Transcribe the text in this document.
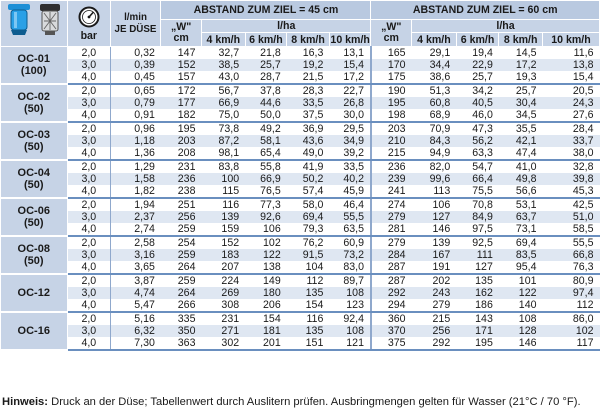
bar	l/min
JE DÜSE	ABSTAND ZUM ZIEL = 45 cm					ABSTAND ZUM ZIEL = 60 cm				
			„W"
cm	l/ha				„W"
cm	l/ha			
				4 km/h	6 km/h	8 km/h	10 km/h		4 km/h	6 km/h	8 km/h	10 km/h
OC-01
(100)	2,0	0,32	147	32,7	21,8	16,3	13,1	165	29,1	19,4	14,5	11,6
	3,0	0,39	152	38,5	25,7	19,2	15,4	170	34,4	22,9	17,2	13,8
	4,0	0,45	157	43,0	28,7	21,5	17,2	175	38,6	25,7	19,3	15,4
OC-02
(50)	2,0	0,65	172	56,7	37,8	28,3	22,7	190	51,3	34,2	25,7	20,5
	3,0	0,79	177	66,9	44,6	33,5	26,8	195	60,8	40,5	30,4	24,3
	4,0	0,91	182	75,0	50,0	37,5	30,0	198	68,9	46,0	34,5	27,6
OC-03
(50)	2,0	0,96	195	73,8	49,2	36,9	29,5	203	70,9	47,3	35,5	28,4
	3,0	1,18	203	87,2	58,1	43,6	34,9	210	84,3	56,2	42,1	33,7
	4,0	1,36	208	98,1	65,4	49,0	39,2	215	94,9	63,3	47,4	38,0
OC-04
(50)	2,0	1,29	231	83,8	55,8	41,9	33,5	236	82,0	54,7	41,0	32,8
	3,0	1,58	236	100	66,9	50,2	40,2	239	99,6	66,4	49,8	39,8
	4,0	1,82	238	115	76,5	57,4	45,9	241	113	75,5	56,6	45,3
OC-06
(50)	2,0	1,94	251	116	77,3	58,0	46,4	274	106	70,8	53,1	42,5
	3,0	2,37	256	139	92,6	69,4	55,5	279	127	84,9	63,7	51,0
	4,0	2,74	259	159	106	79,3	63,5	281	146	97,5	73,1	58,5
OC-08
(50)	2,0	2,58	254	152	102	76,2	60,9	279	139	92,5	69,4	55,5
	3,0	3,16	259	183	122	91,5	73,2	284	167	111	83,5	66,8
	4,0	3,65	264	207	138	104	83,0	287	191	127	95,4	76,3
OC-12	2,0	3,87	259	224	149	112	89,7	287	202	135	101	80,9
	3,0	4,74	264	269	180	135	108	292	243	162	122	97,4
	4,0	5,47	266	308	206	154	123	294	279	186	140	112
OC-16	2,0	5,16	335	231	154	116	92,4	360	215	143	108	86,0
	3,0	6,32	350	271	181	135	108	370	256	171	128	102
	4,0	7,30	363	302	201	151	121	375	292	195	146	117
Hinweis: Druck an der Düse; Tabellenwert durch Auslitern prüfen. Ausbringmengen gelten für Wasser (21°C / 70 °F).
